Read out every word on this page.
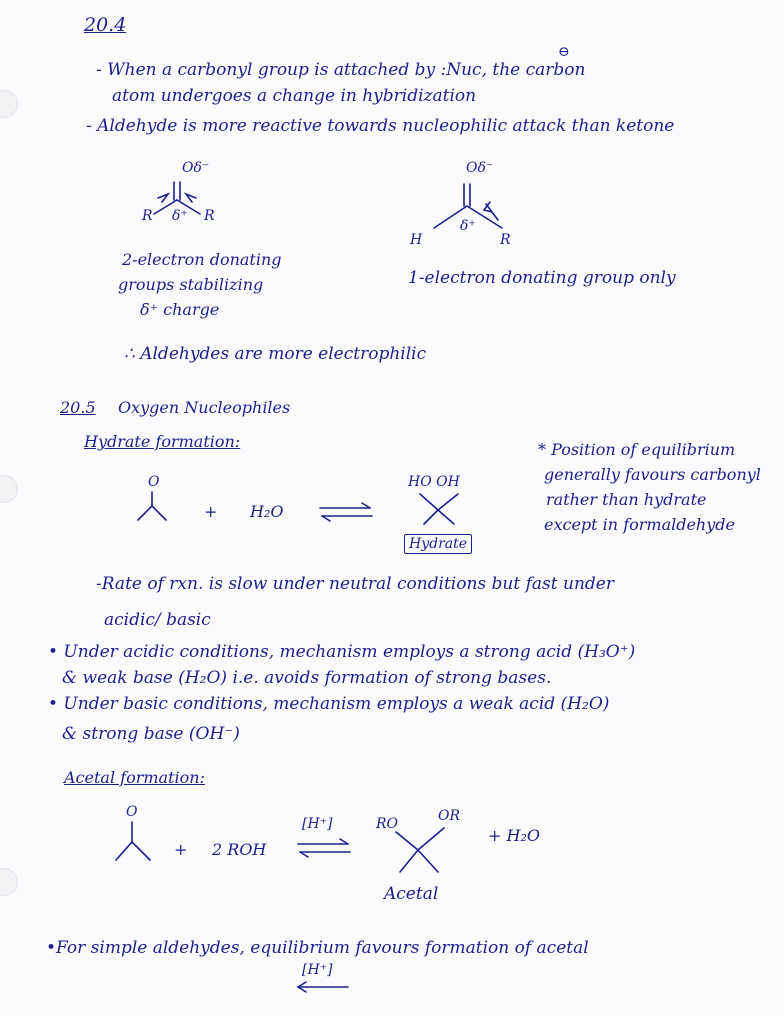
20.4
- When a carbonyl group is attached by :Nuc, the carbon
⊖
atom undergoes a change in hybridization
- Aldehyde is more reactive towards nucleophilic attack than ketone
Oδ⁻
R δ⁺ R
2-electron donating
groups stabilizing
δ⁺ charge
Oδ⁻
H
δ⁺
R
1-electron donating group only
∴ Aldehydes are more electrophilic
20.5 Oxygen Nucleophiles
Hydrate formation:
O
+ H₂O
HO OH
Hydrate
* Position of equilibrium
generally favours carbonyl
rather than hydrate
except in formaldehyde
-Rate of rxn. is slow under neutral conditions but fast under
acidic/ basic
• Under acidic conditions, mechanism employs a strong acid (H₃O⁺)
& weak base (H₂O) i.e. avoids formation of strong bases.
• Under basic conditions, mechanism employs a weak acid (H₂O)
& strong base (OH⁻)
Acetal formation:
O
+ 2 ROH
[H⁺]	RO	OR
+ H₂O
Acetal
•For simple aldehydes, equilibrium favours formation of acetal
[H⁺]
